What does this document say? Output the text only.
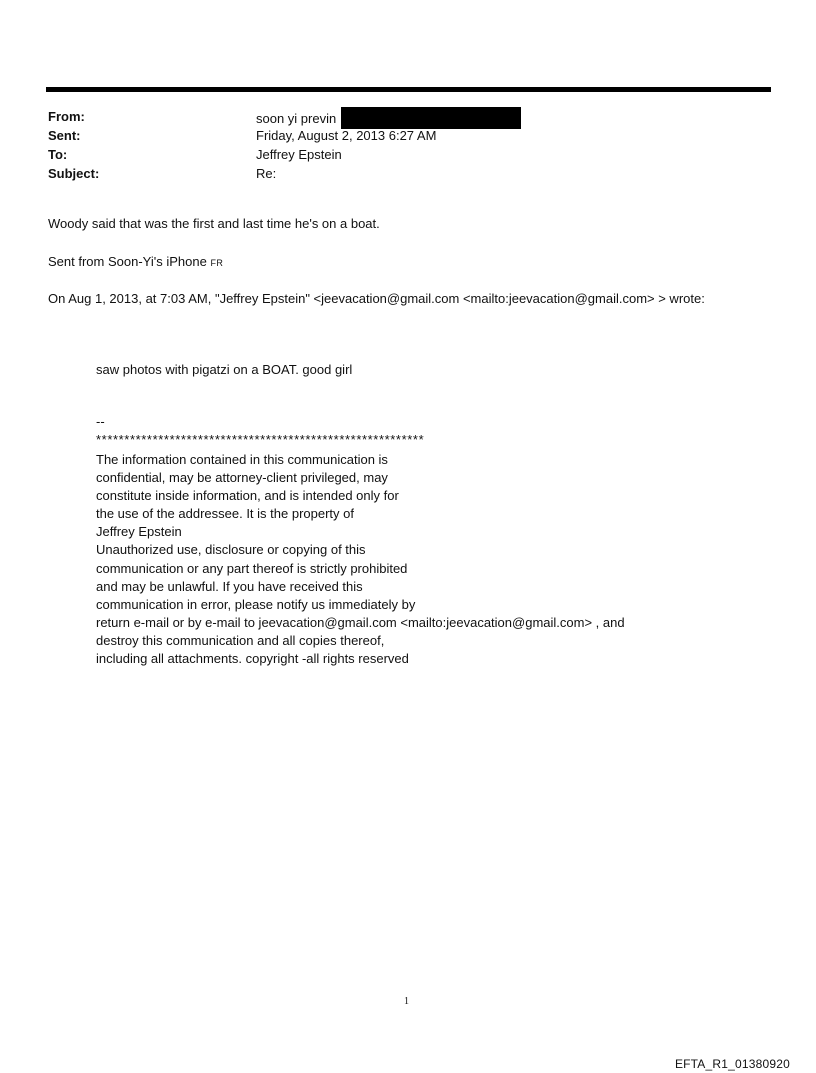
From:	soon yi previn
Sent:	Friday, August 2, 2013 6:27 AM
To:	Jeffrey Epstein
Subject:	Re:
Woody said that was the first and last time he's on a boat.
Sent from Soon-Yi's iPhone FR
On Aug 1, 2013, at 7:03 AM, "Jeffrey Epstein" <jeevacation@gmail.com <mailto:jeevacation@gmail.com> > wrote:
saw photos with pigatzi on a BOAT. good girl
--
**********************************************************
The information contained in this communication is
confidential, may be attorney-client privileged, may
constitute inside information, and is intended only for
the use of the addressee. It is the property of
Jeffrey Epstein
Unauthorized use, disclosure or copying of this
communication or any part thereof is strictly prohibited
and may be unlawful. If you have received this
communication in error, please notify us immediately by
return e-mail or by e-mail to jeevacation@gmail.com <mailto:jeevacation@gmail.com> , and
destroy this communication and all copies thereof,
including all attachments. copyright -all rights reserved
1
EFTA_R1_01380920
